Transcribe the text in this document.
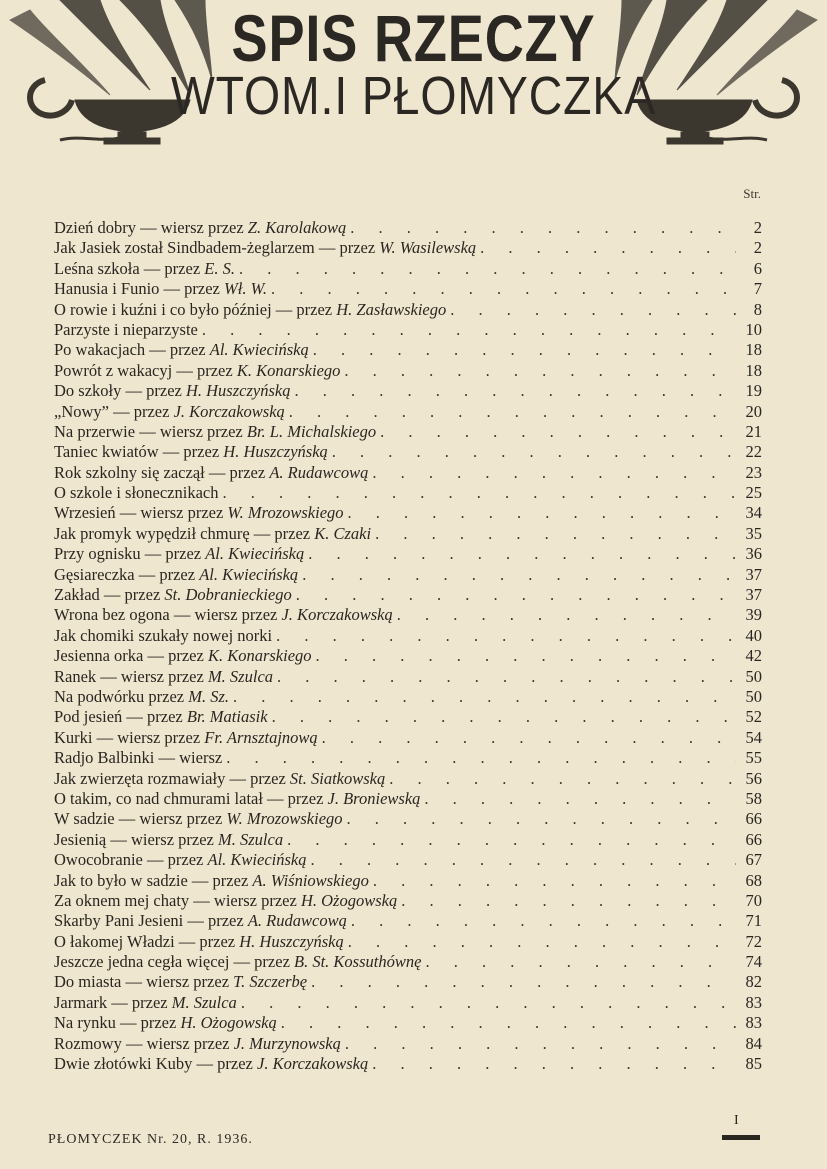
SPIS RZECZY
WTOM.I PŁOMYCZKA
Str.
Dzień dobry — wiersz przez Z. Karolakową . . .	2
Jak Jasiek został Sindbadem-żeglarzem — przez W. Wasilewską . . .	2
Leśna szkoła — przez E. S. . . .	6
Hanusia i Funio — przez Wł. W. . . .	7
O rowie i kuźni i co było później — przez H. Zasławskiego . . .	8
Parzyste i nieparzyste . . .	10
Po wakacjach — przez Al. Kwiecińską . . .	18
Powrót z wakacyj — przez K. Konarskiego . . .	18
Do szkoły — przez H. Huszczyńską . . .	19
„Nowy” — przez J. Korczakowską . . .	20
Na przerwie — wiersz przez Br. L. Michalskiego . . .	21
Taniec kwiatów — przez H. Huszczyńską . . .	22
Rok szkolny się zaczął — przez A. Rudawcową . . .	23
O szkole i słonecznikach . . .	25
Wrzesień — wiersz przez W. Mrozowskiego . . .	34
Jak promyk wypędził chmurę — przez K. Czaki . . .	35
Przy ognisku — przez Al. Kwiecińską . . .	36
Gęsiareczka — przez Al. Kwiecińską . . .	37
Zakład — przez St. Dobranieckiego . . .	37
Wrona bez ogona — wiersz przez J. Korczakowską . . .	39
Jak chomiki szukały nowej norki . . .	40
Jesienna orka — przez K. Konarskiego . . .	42
Ranek — wiersz przez M. Szulca . . .	50
Na podwórku przez M. Sz. . . .	50
Pod jesień — przez Br. Matiasik . . .	52
Kurki — wiersz przez Fr. Arnsztajnową . . .	54
Radjo Balbinki — wiersz . . .	55
Jak zwierzęta rozmawiały — przez St. Siatkowską . . .	56
O takim, co nad chmurami latał — przez J. Broniewską . . .	58
W sadzie — wiersz przez W. Mrozowskiego . . .	66
Jesienią — wiersz przez M. Szulca . . .	66
Owocobranie — przez Al. Kwiecińską . . .	67
Jak to było w sadzie — przez A. Wiśniowskiego . . .	68
Za oknem mej chaty — wiersz przez H. Ożogowską . . .	70
Skarby Pani Jesieni — przez A. Rudawcową . . .	71
O łakomej Władzi — przez H. Huszczyńską . . .	72
Jeszcze jedna cegła więcej — przez B. St. Kossuthównę . . .	74
Do miasta — wiersz przez T. Szczerbę . . .	82
Jarmark — przez M. Szulca . . .	83
Na rynku — przez H. Ożogowską . . .	83
Rozmowy — wiersz przez J. Murzynowską . . .	84
Dwie złotówki Kuby — przez J. Korczakowską . . .	85
PŁOMYCZEK Nr. 20, R. 1936.
I
